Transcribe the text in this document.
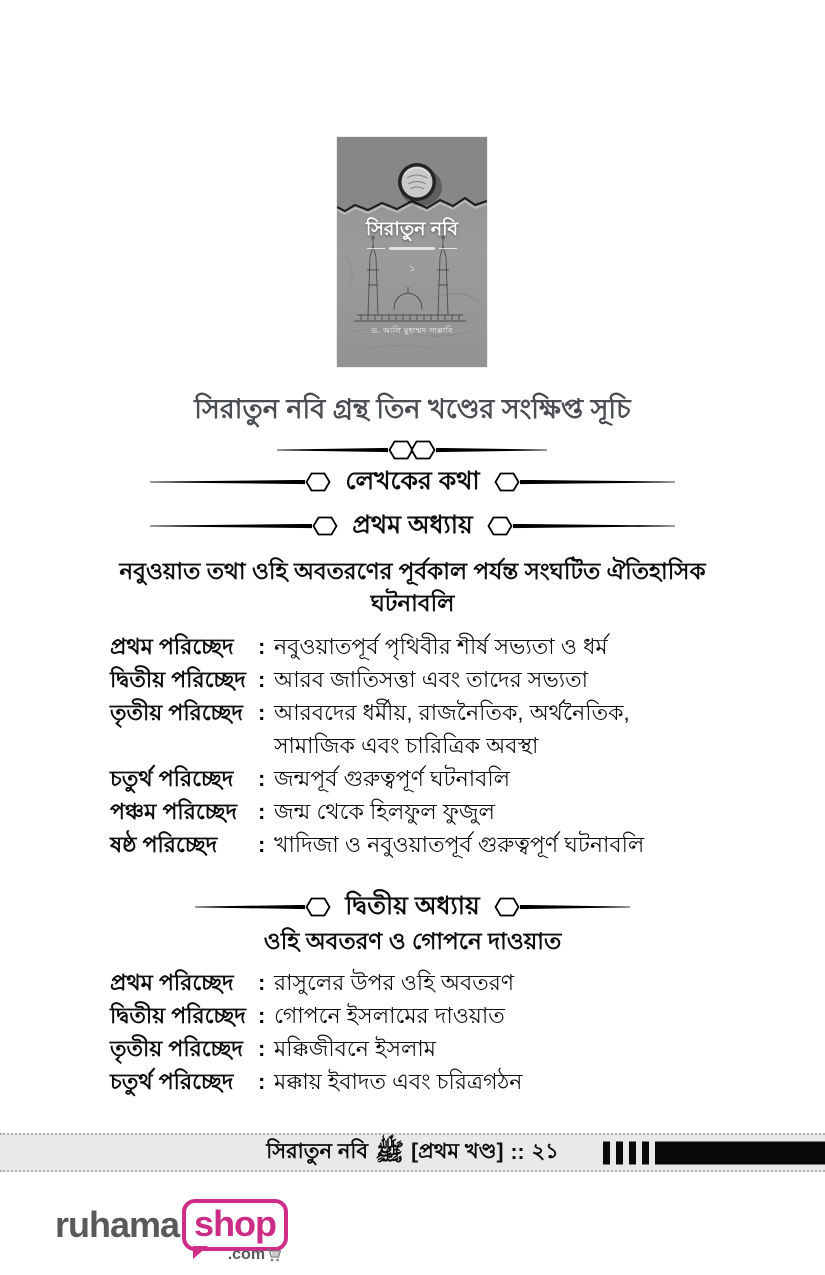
সিরাতুন নবি
১
ড. আলি মুহাম্মদ সাল্লাবি
সিরাতুন নবি গ্রন্থ তিন খণ্ডের সংক্ষিপ্ত সূচি
লেখকের কথা
প্রথম অধ্যায়
নবুওয়াত তথা ওহি অবতরণের পূর্বকাল পর্যন্ত সংঘটিত ঐতিহাসিক ঘটনাবলি
প্রথম পরিচ্ছেদ	: নবুওয়াতপূর্ব পৃথিবীর শীর্ষ সভ্যতা ও ধর্ম
দ্বিতীয় পরিচ্ছেদ : আরব জাতিসত্তা এবং তাদের সভ্যতা
তৃতীয় পরিচ্ছেদ : আরবদের ধর্মীয়, রাজনৈতিক, অর্থনৈতিক, সামাজিক এবং চারিত্রিক অবস্থা
চতুর্থ পরিচ্ছেদ	: জন্মপূর্ব গুরুত্বপূর্ণ ঘটনাবলি
পঞ্চম পরিচ্ছেদ : জন্ম থেকে হিলফুল ফুজুল
ষষ্ঠ পরিচ্ছেদ	: খাদিজা ও নবুওয়াতপূর্ব গুরুত্বপূর্ণ ঘটনাবলি
দ্বিতীয় অধ্যায়
ওহি অবতরণ ও গোপনে দাওয়াত
প্রথম পরিচ্ছেদ	: রাসুলের উপর ওহি অবতরণ
দ্বিতীয় পরিচ্ছেদ : গোপনে ইসলামের দাওয়াত
তৃতীয় পরিচ্ছেদ : মক্কিজীবনে ইসলাম
চতুর্থ পরিচ্ছেদ	: মক্কায় ইবাদত এবং চরিত্রগঠন
সিরাতুন নবি ﷺ [প্রথম খণ্ড] :: ২১
ruhama shop
.com
